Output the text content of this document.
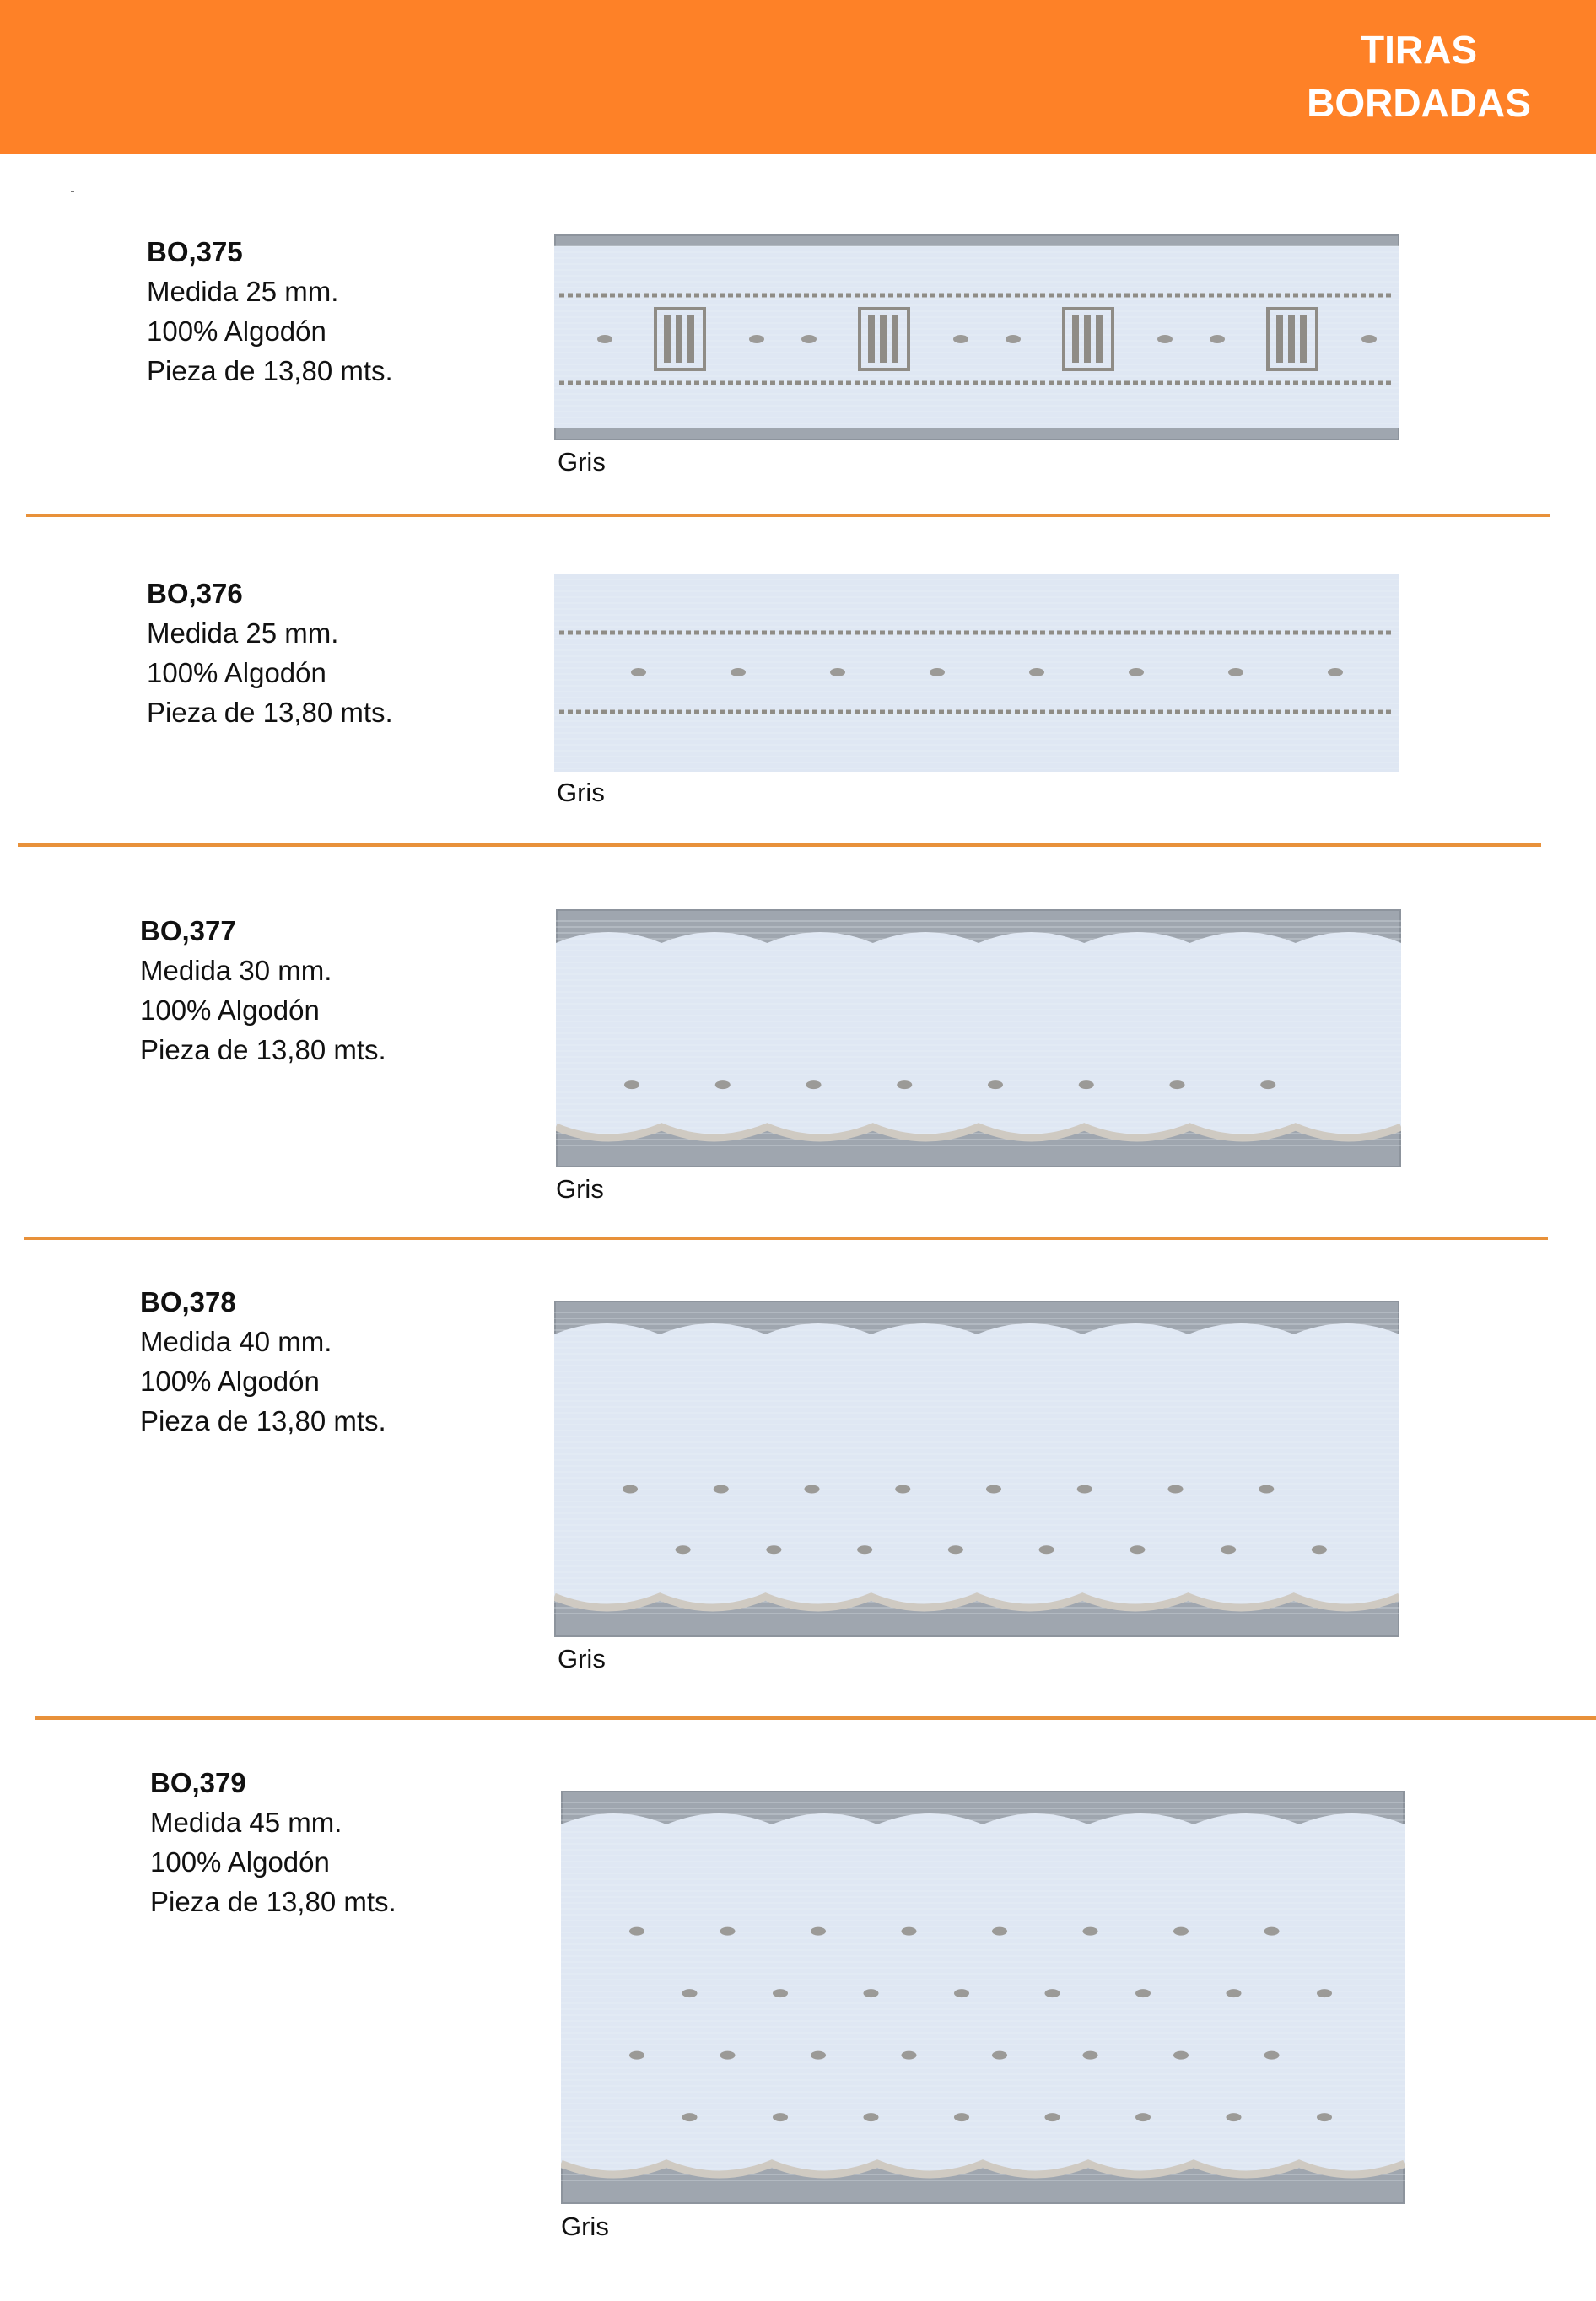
TIRAS
BORDADAS
BO,375
Medida 25 mm.
100% Algodón
Pieza de 13,80 mts.
Gris
BO,376
Medida 25 mm.
100% Algodón
Pieza de 13,80 mts.
Gris
BO,377
Medida 30 mm.
100% Algodón
Pieza de 13,80 mts.
Gris
BO,378
Medida 40 mm.
100% Algodón
Pieza de 13,80 mts.
Gris
BO,379
Medida 45 mm.
100% Algodón
Pieza de 13,80 mts.
Gris
